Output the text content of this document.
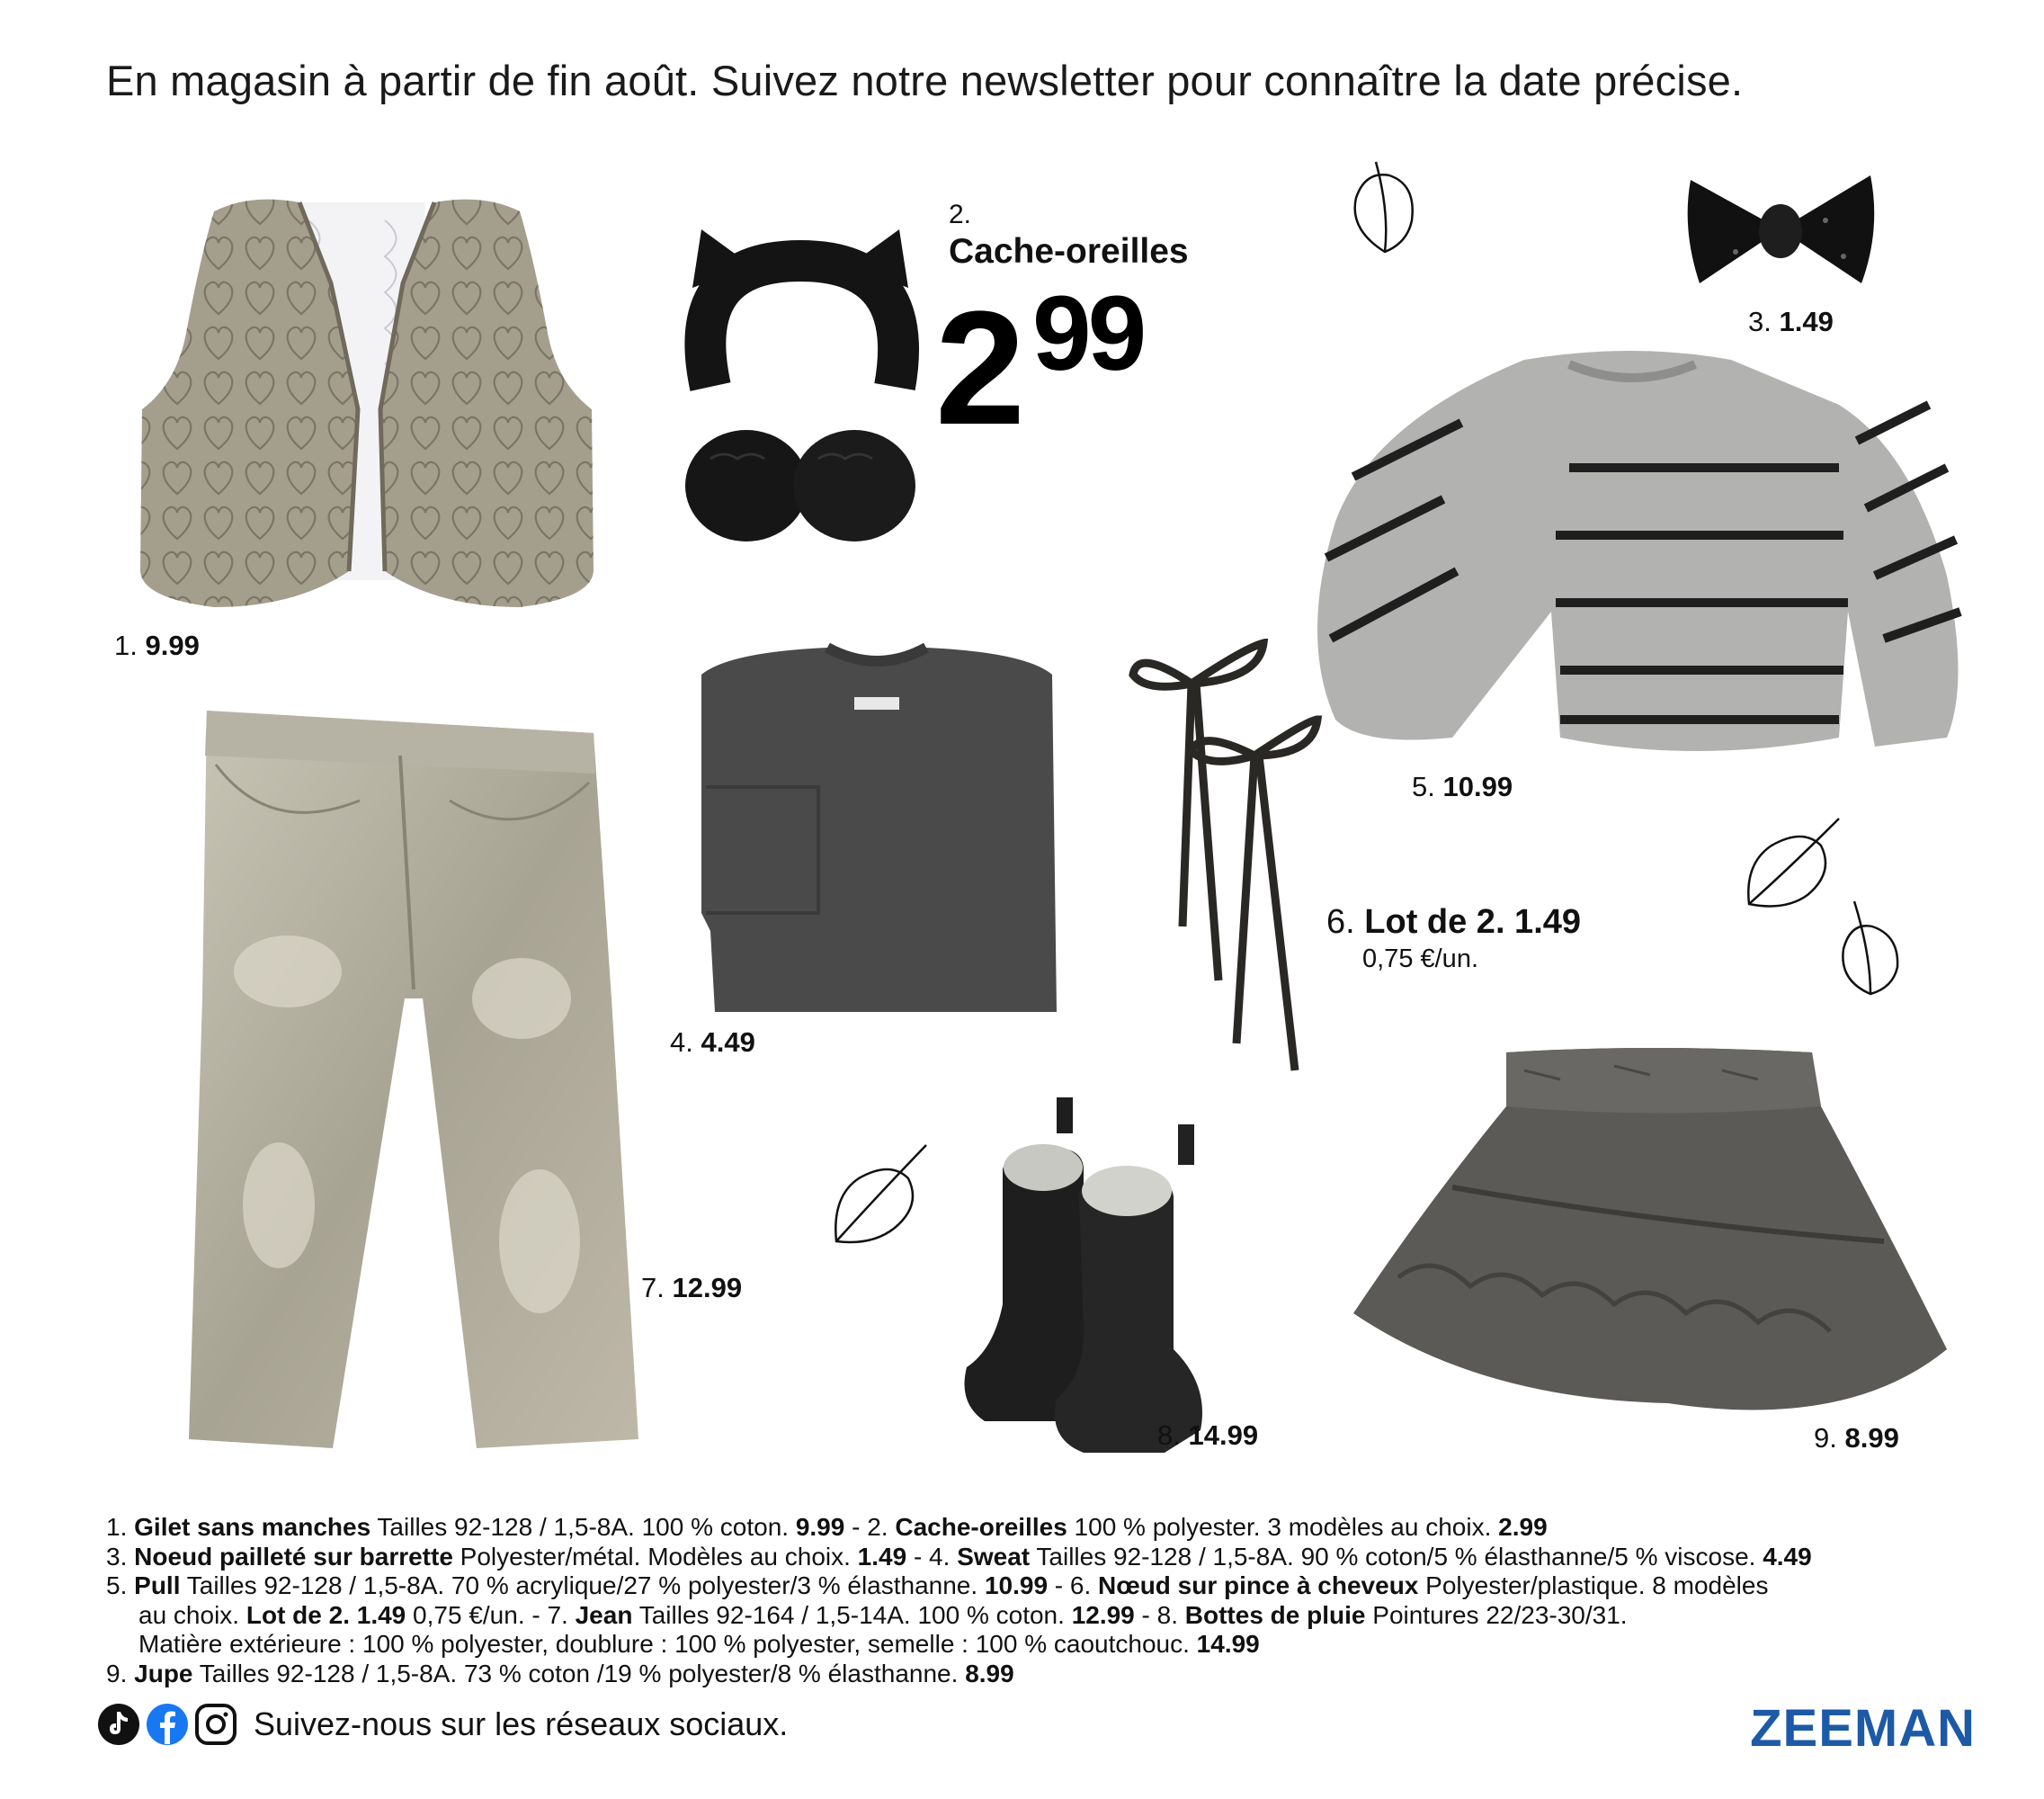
En magasin à partir de fin août. Suivez notre newsletter pour connaître la date précise.
1. 9.99
2.
Cache-oreilles
2 99	3. 1.49
5. 10.99
7. 12.99
4. 4.49
6. Lot de 2. 1.49
0,75 €/un.
8. 14.99	9. 8.99
1. Gilet sans manches Tailles 92-128 / 1,5-8A. 100 % coton. 9.99 - 2. Cache-oreilles 100 % polyester. 3 modèles au choix. 2.99
3. Noeud pailleté sur barrette Polyester/métal. Modèles au choix. 1.49 - 4. Sweat Tailles 92-128 / 1,5-8A. 90 % coton/5 % élasthanne/5 % viscose. 4.49
5. Pull Tailles 92-128 / 1,5-8A. 70 % acrylique/27 % polyester/3 % élasthanne. 10.99 - 6. Nœud sur pince à cheveux Polyester/plastique. 8 modèles
au choix. Lot de 2. 1.49 0,75 €/un. - 7. Jean Tailles 92-164 / 1,5-14A. 100 % coton. 12.99 - 8. Bottes de pluie Pointures 22/23-30/31.
Matière extérieure : 100 % polyester, doublure : 100 % polyester, semelle : 100 % caoutchouc. 14.99
9. Jupe Tailles 92-128 / 1,5-8A. 73 % coton /19 % polyester/8 % élasthanne. 8.99
Suivez-nous sur les réseaux sociaux.	ZEEMAN
